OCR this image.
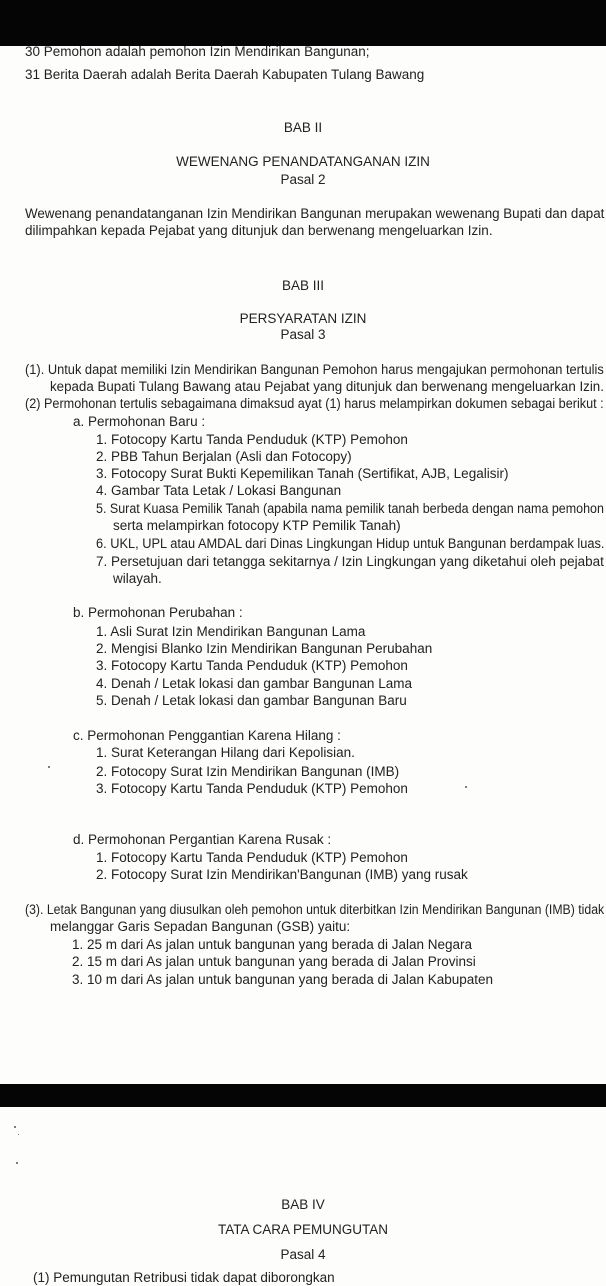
30 Pemohon adalah pemohon Izin Mendirikan Bangunan;
31 Berita Daerah adalah Berita Daerah Kabupaten Tulang Bawang
BAB II
WEWENANG PENANDATANGANAN IZIN
Pasal 2
Wewenang penandatanganan Izin Mendirikan Bangunan merupakan wewenang Bupati dan dapat
dilimpahkan kepada Pejabat yang ditunjuk dan berwenang mengeluarkan Izin.
BAB III
PERSYARATAN IZIN
Pasal 3
(1). Untuk dapat memiliki Izin Mendirikan Bangunan Pemohon harus mengajukan permohonan tertulis
kepada Bupati Tulang Bawang atau Pejabat yang ditunjuk dan berwenang mengeluarkan Izin.
(2) Permohonan tertulis sebagaimana dimaksud ayat (1) harus melampirkan dokumen sebagai berikut :
a. Permohonan Baru :
1. Fotocopy Kartu Tanda Penduduk (KTP) Pemohon
2. PBB Tahun Berjalan (Asli dan Fotocopy)
3. Fotocopy Surat Bukti Kepemilikan Tanah (Sertifikat, AJB, Legalisir)
4. Gambar Tata Letak / Lokasi Bangunan
5. Surat Kuasa Pemilik Tanah (apabila nama pemilik tanah berbeda dengan nama pemohon
serta melampirkan fotocopy KTP Pemilik Tanah)
6. UKL, UPL atau AMDAL dari Dinas Lingkungan Hidup untuk Bangunan berdampak luas.
7. Persetujuan dari tetangga sekitarnya / Izin Lingkungan yang diketahui oleh pejabat
wilayah.
b. Permohonan Perubahan :
1. Asli Surat Izin Mendirikan Bangunan Lama
2. Mengisi Blanko Izin Mendirikan Bangunan Perubahan
3. Fotocopy Kartu Tanda Penduduk (KTP) Pemohon
4. Denah / Letak lokasi dan gambar Bangunan Lama
5. Denah / Letak lokasi dan gambar Bangunan Baru
c. Permohonan Penggantian Karena Hilang :
1. Surat Keterangan Hilang dari Kepolisian.
2. Fotocopy Surat Izin Mendirikan Bangunan (IMB)
3. Fotocopy Kartu Tanda Penduduk (KTP) Pemohon
d. Permohonan Pergantian Karena Rusak :
1. Fotocopy Kartu Tanda Penduduk (KTP) Pemohon
2. Fotocopy Surat Izin Mendirikan'Bangunan (IMB) yang rusak
(3). Letak Bangunan yang diusulkan oleh pemohon untuk diterbitkan Izin Mendirikan Bangunan (IMB) tidak
melanggar Garis Sepadan Bangunan (GSB) yaitu:
1. 25 m dari As jalan untuk bangunan yang berada di Jalan Negara
2. 15 m dari As jalan untuk bangunan yang berada di Jalan Provinsi
3. 10 m dari As jalan untuk bangunan yang berada di Jalan Kabupaten
BAB IV
TATA CARA PEMUNGUTAN
Pasal 4
(1) Pemungutan Retribusi tidak dapat diborongkan
